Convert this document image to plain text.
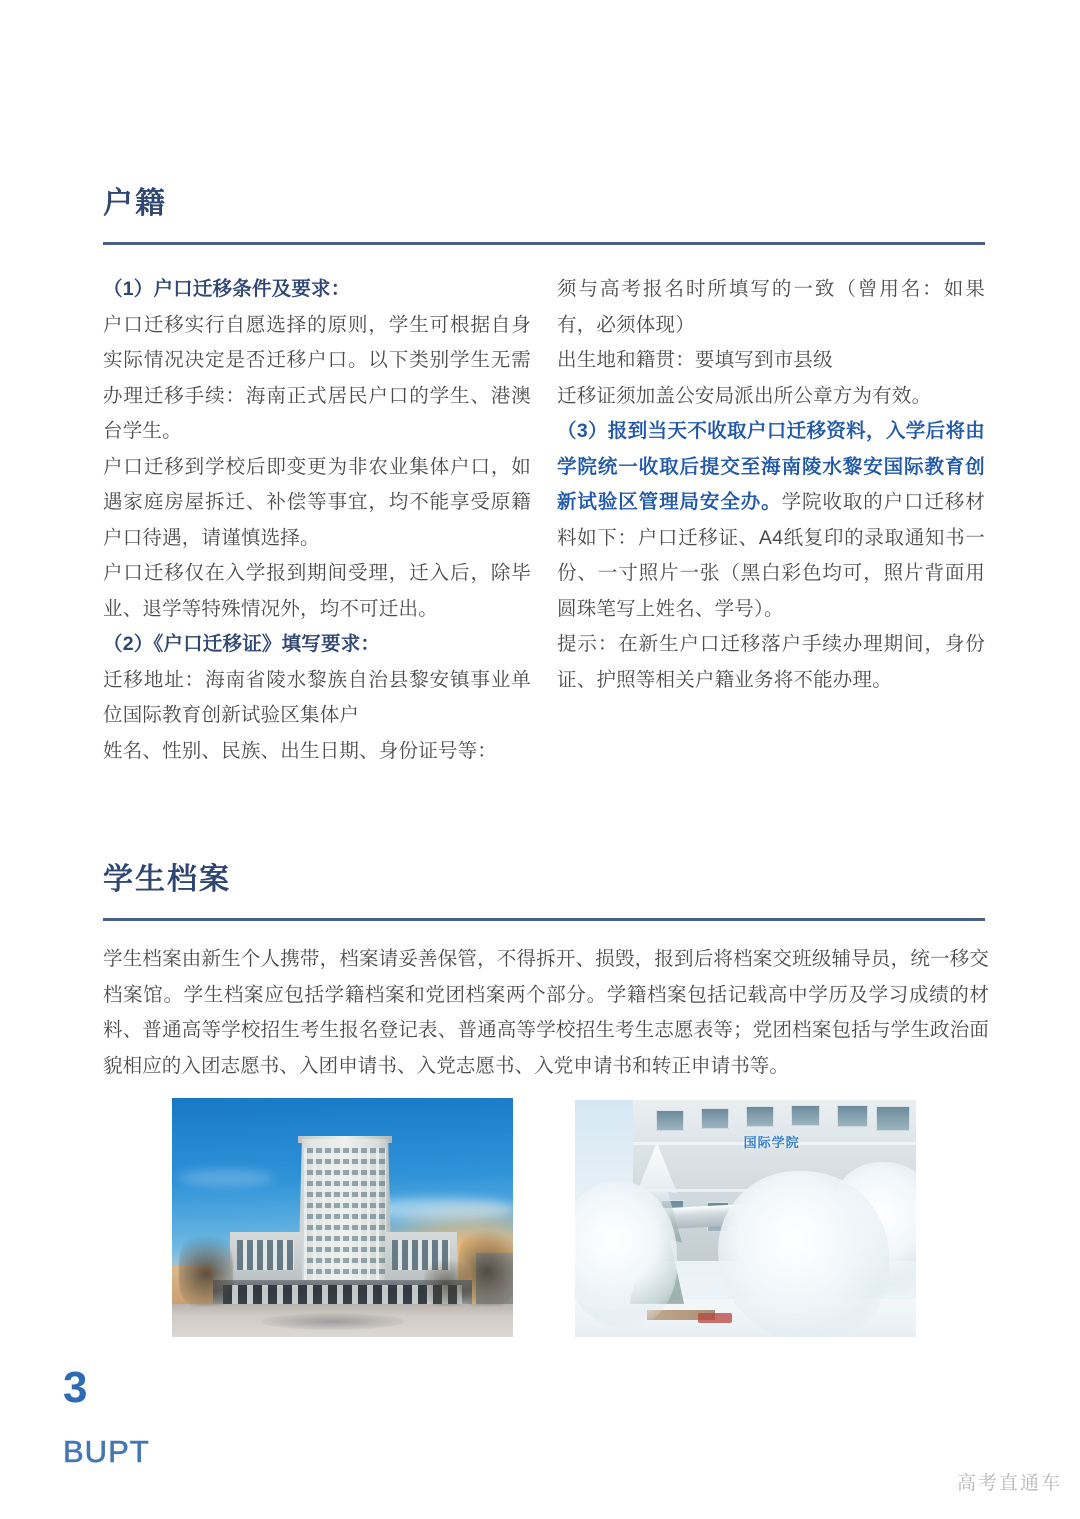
户籍

（1）户口迁移条件及要求：

户口迁移实行自愿选择的原则，学生可根据自身实际情况决定是否迁移户口。以下类别学生无需办理迁移手续：海南正式居民户口的学生、港澳台学生。

户口迁移到学校后即变更为非农业集体户口，如遇家庭房屋拆迁、补偿等事宜，均不能享受原籍户口待遇，请谨慎选择。

户口迁移仅在入学报到期间受理，迁入后，除毕业、退学等特殊情况外，均不可迁出。

（2）《户口迁移证》填写要求：

迁移地址：海南省陵水黎族自治县黎安镇事业单位国际教育创新试验区集体户

姓名、性别、民族、出生日期、身份证号等：

须与高考报名时所填写的一致（曾用名：如果有，必须体现）

出生地和籍贯：要填写到市县级

迁移证须加盖公安局派出所公章方为有效。

（3）报到当天不收取户口迁移资料，入学后将由学院统一收取后提交至海南陵水黎安国际教育创新试验区管理局安全办。学院收取的户口迁移材料如下：户口迁移证、A4纸复印的录取通知书一份、一寸照片一张（黑白彩色均可，照片背面用圆珠笔写上姓名、学号）。

提示：在新生户口迁移落户手续办理期间，身份证、护照等相关户籍业务将不能办理。

学生档案

学生档案由新生个人携带，档案请妥善保管，不得拆开、损毁，报到后将档案交班级辅导员，统一移交档案馆。学生档案应包括学籍档案和党团档案两个部分。学籍档案包括记载高中学历及学习成绩的材料、普通高等学校招生考生报名登记表、普通高等学校招生考生志愿表等；党团档案包括与学生政治面貌相应的入团志愿书、入团申请书、入党志愿书、入党申请书和转正申请书等。

国际学院
3
BUPT
高考直通车
